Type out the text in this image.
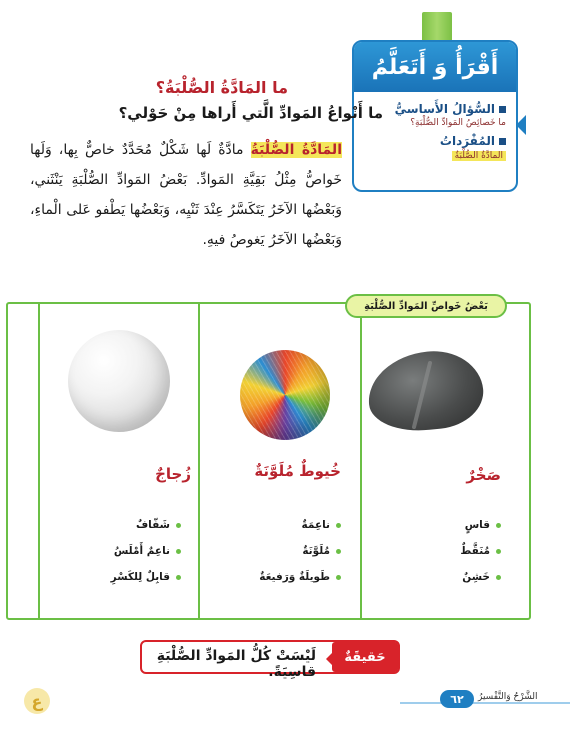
أَقْرَأُ وَ أَتَعَلَّمُ
السُّؤالُ الأَساسيُّ
ما خَصائِصُ المَوادِّ الصُّلْبَةِ؟
المُفْرَداتُ
المادَّةُ الصُّلْبَةُ
ما المَادَّةُ الصُّلْبَةُ؟
ما أَنْواعُ المَوادِّ الَّتي أَراها مِنْ حَوْلي؟

المَادَّةُ الصُّلْبَةُ مادَّةٌ لَها شَكْلٌ مُحَدَّدٌ خاصٌّ بِها، وَلَها خَواصُّ مِثْلُ بَقِيَّةِ المَوادِّ. بَعْضُ المَوادِّ الصُّلْبَةِ يَنْثَني، وَبَعْضُها الآخَرُ يَتَكَسَّرُ عِنْدَ ثَنْيِه، وَبَعْضُها يَطْفو عَلى الْماءِ، وَبَعْضُها الآخَرُ يَغوصُ فيهِ.

بَعْضُ خَواصِّ المَوادِّ الصُّلْبَةِ
صَخْرٌ
خُيوطٌ مُلَوَّنَةٌ
زُجاجٌ
قاسٍ
مُنَقَّطٌ
خَشِنٌ
ناعِمَةٌ
مُلَوَّنَةٌ
طَويلَةٌ وَرَفيعَةٌ
شَفّافٌ
ناعِمٌ أَمْلَسُ
قابِلٌ لِلكَسْرِ
حَقيقَةٌ
لَيْسَتْ كُلُّ المَوادِّ الصُّلْبَةِ قاسِيَةً.
٦٢	الشَّرْحُ وَالتَّفْسيرُ
ع
